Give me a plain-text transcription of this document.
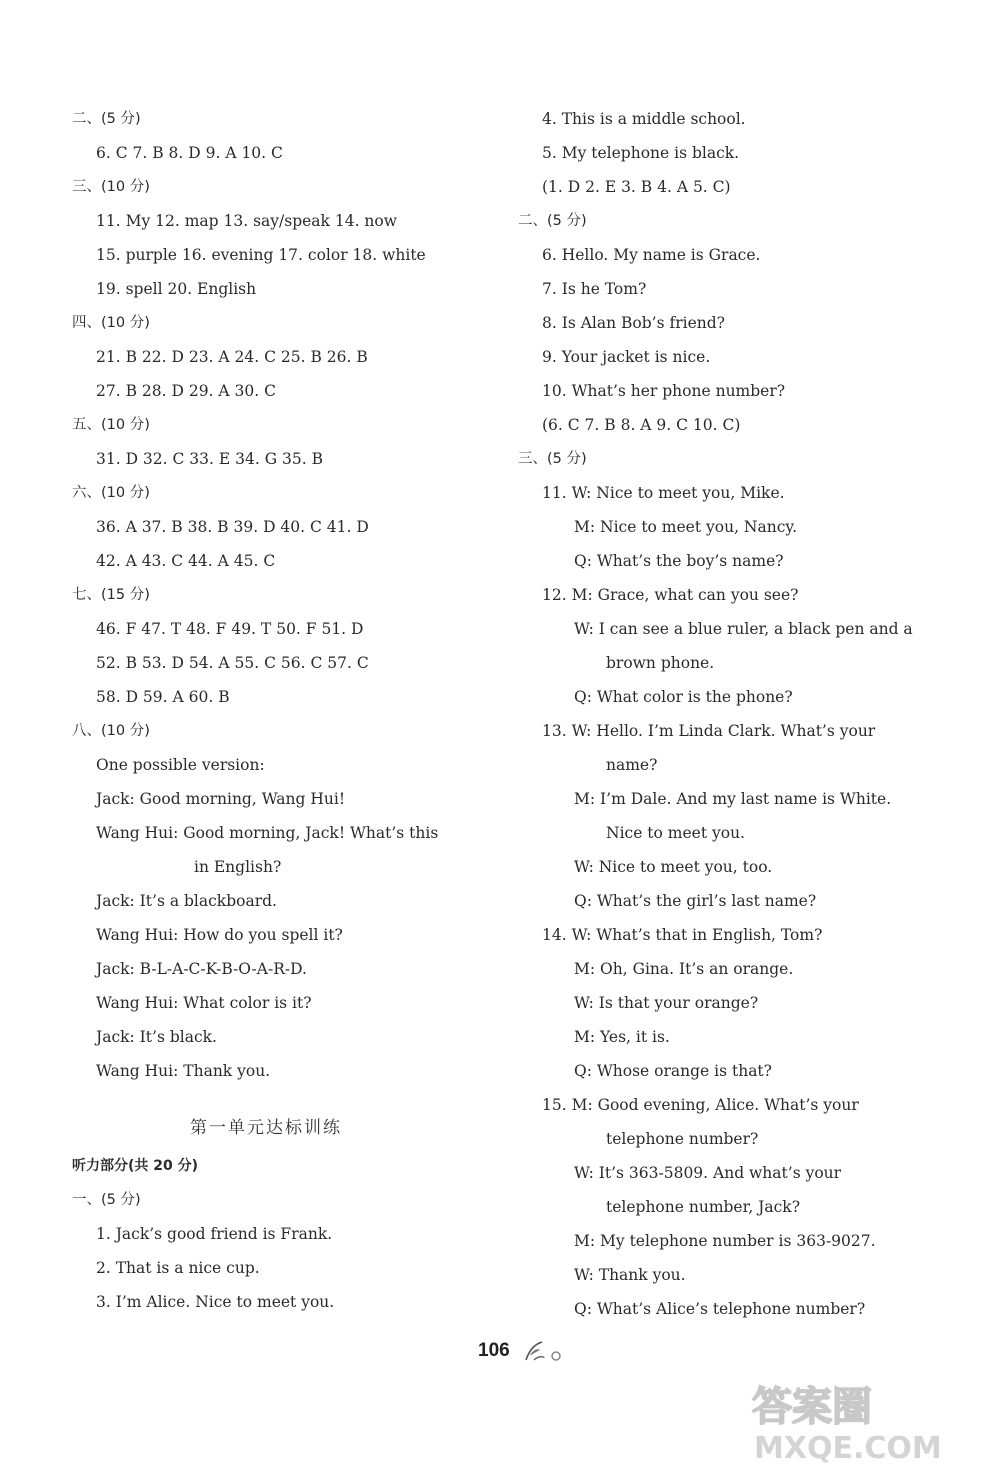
二、(5 分)
6. C 7. B 8. D 9. A 10. C
三、(10 分)
11. My 12. map 13. say/speak 14. now
15. purple 16. evening 17. color 18. white
19. spell 20. English
四、(10 分)
21. B 22. D 23. A 24. C 25. B 26. B
27. B 28. D 29. A 30. C
五、(10 分)
31. D 32. C 33. E 34. G 35. B
六、(10 分)
36. A 37. B 38. B 39. D 40. C 41. D
42. A 43. C 44. A 45. C
七、(15 分)
46. F 47. T 48. F 49. T 50. F 51. D
52. B 53. D 54. A 55. C 56. C 57. C
58. D 59. A 60. B
八、(10 分)
One possible version:
Jack: Good morning, Wang Hui!
Wang Hui: Good morning, Jack! What’s this
in English?
Jack: It’s a blackboard.
Wang Hui: How do you spell it?
Jack: B-L-A-C-K-B-O-A-R-D.
Wang Hui: What color is it?
Jack: It’s black.
Wang Hui: Thank you.
听力部分(共 20 分)
一、(5 分)
1. Jack’s good friend is Frank.
2. That is a nice cup.
3. I’m Alice. Nice to meet you.
4. This is a middle school.
5. My telephone is black.
(1. D 2. E 3. B 4. A 5. C)
二、(5 分)
6. Hello. My name is Grace.
7. Is he Tom?
8. Is Alan Bob’s friend?
9. Your jacket is nice.
10. What’s her phone number?
(6. C 7. B 8. A 9. C 10. C)
三、(5 分)
11. W: Nice to meet you, Mike.
M: Nice to meet you, Nancy.
Q: What’s the boy’s name?
12. M: Grace, what can you see?
W: I can see a blue ruler, a black pen and a
brown phone.
Q: What color is the phone?
13. W: Hello. I’m Linda Clark. What’s your
name?
M: I’m Dale. And my last name is White.
Nice to meet you.
W: Nice to meet you, too.
Q: What’s the girl’s last name?
14. W: What’s that in English, Tom?
M: Oh, Gina. It’s an orange.
W: Is that your orange?
M: Yes, it is.
Q: Whose orange is that?
15. M: Good evening, Alice. What’s your
telephone number?
W: It’s 363-5809. And what’s your
telephone number, Jack?
M: My telephone number is 363-9027.
W: Thank you.
Q: What’s Alice’s telephone number?
第一单元达标训练
106
答案圈
MXQE.COM
